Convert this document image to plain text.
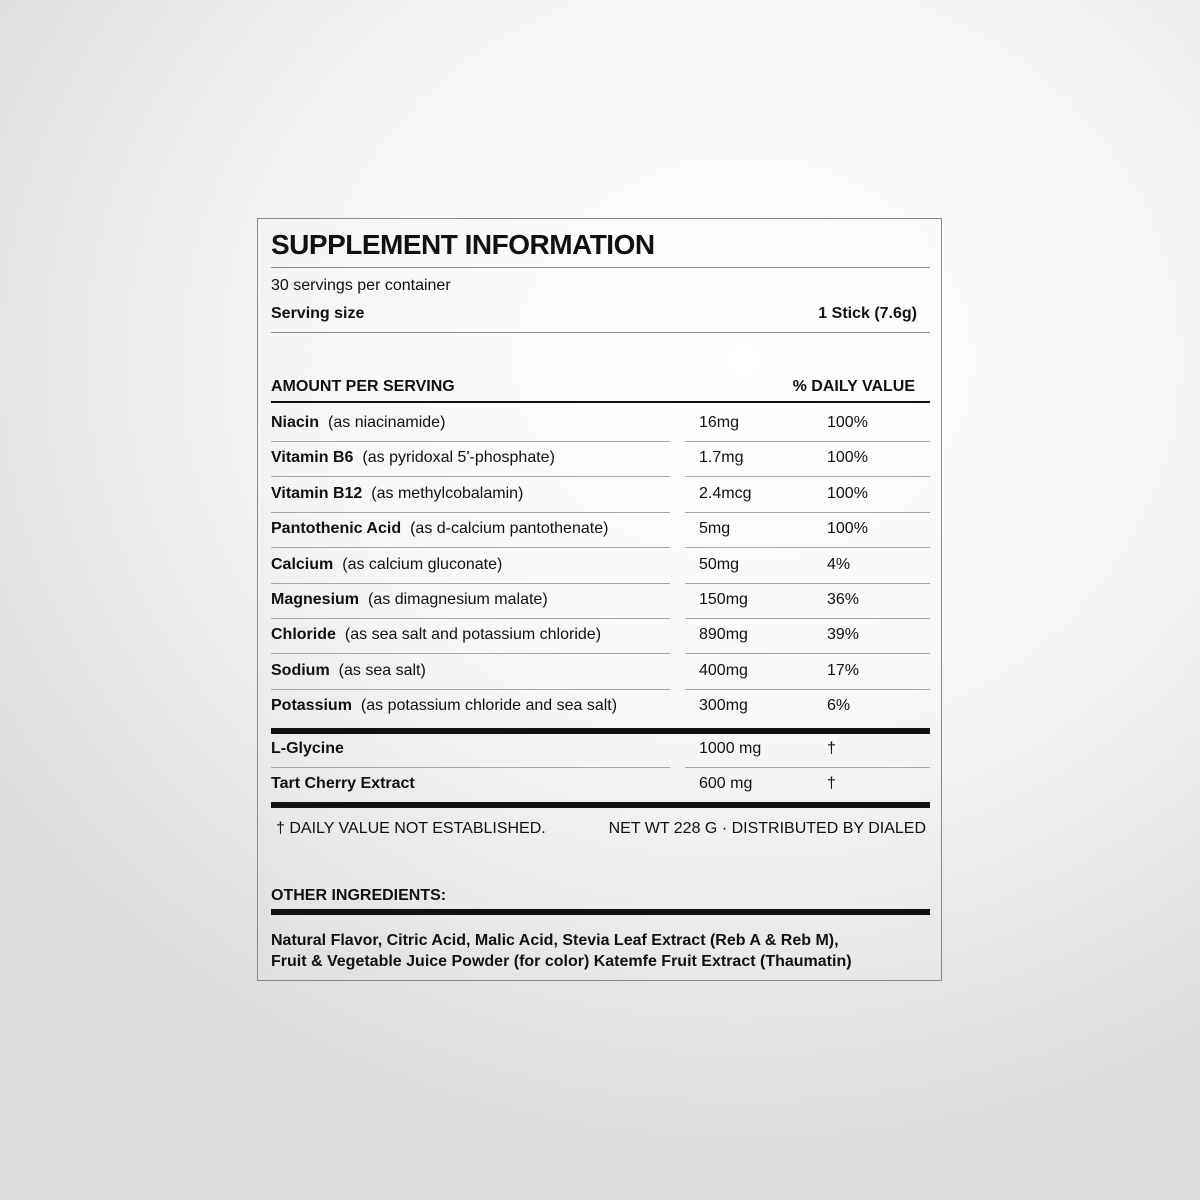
SUPPLEMENT INFORMATION
30 servings per container
Serving size	1 Stick (7.6g)
AMOUNT PER SERVING	% DAILY VALUE
Niacin (as niacinamide)	16mg	100%
Vitamin B6 (as pyridoxal 5'-phosphate)	1.7mg	100%
Vitamin B12 (as methylcobalamin)	2.4mcg	100%
Pantothenic Acid (as d-calcium pantothenate)	5mg	100%
Calcium (as calcium gluconate)	50mg	4%
Magnesium (as dimagnesium malate)	150mg	36%
Chloride (as sea salt and potassium chloride)	890mg	39%
Sodium (as sea salt)	400mg	17%
Potassium (as potassium chloride and sea salt)	300mg	6%
L-Glycine	1000 mg	†
Tart Cherry Extract	600 mg	†
† DAILY VALUE NOT ESTABLISHED.	NET WT 228 G · DISTRIBUTED BY DIALED
OTHER INGREDIENTS:
Natural Flavor, Citric Acid, Malic Acid, Stevia Leaf Extract (Reb A & Reb M),
Fruit & Vegetable Juice Powder (for color) Katemfe Fruit Extract (Thaumatin)
